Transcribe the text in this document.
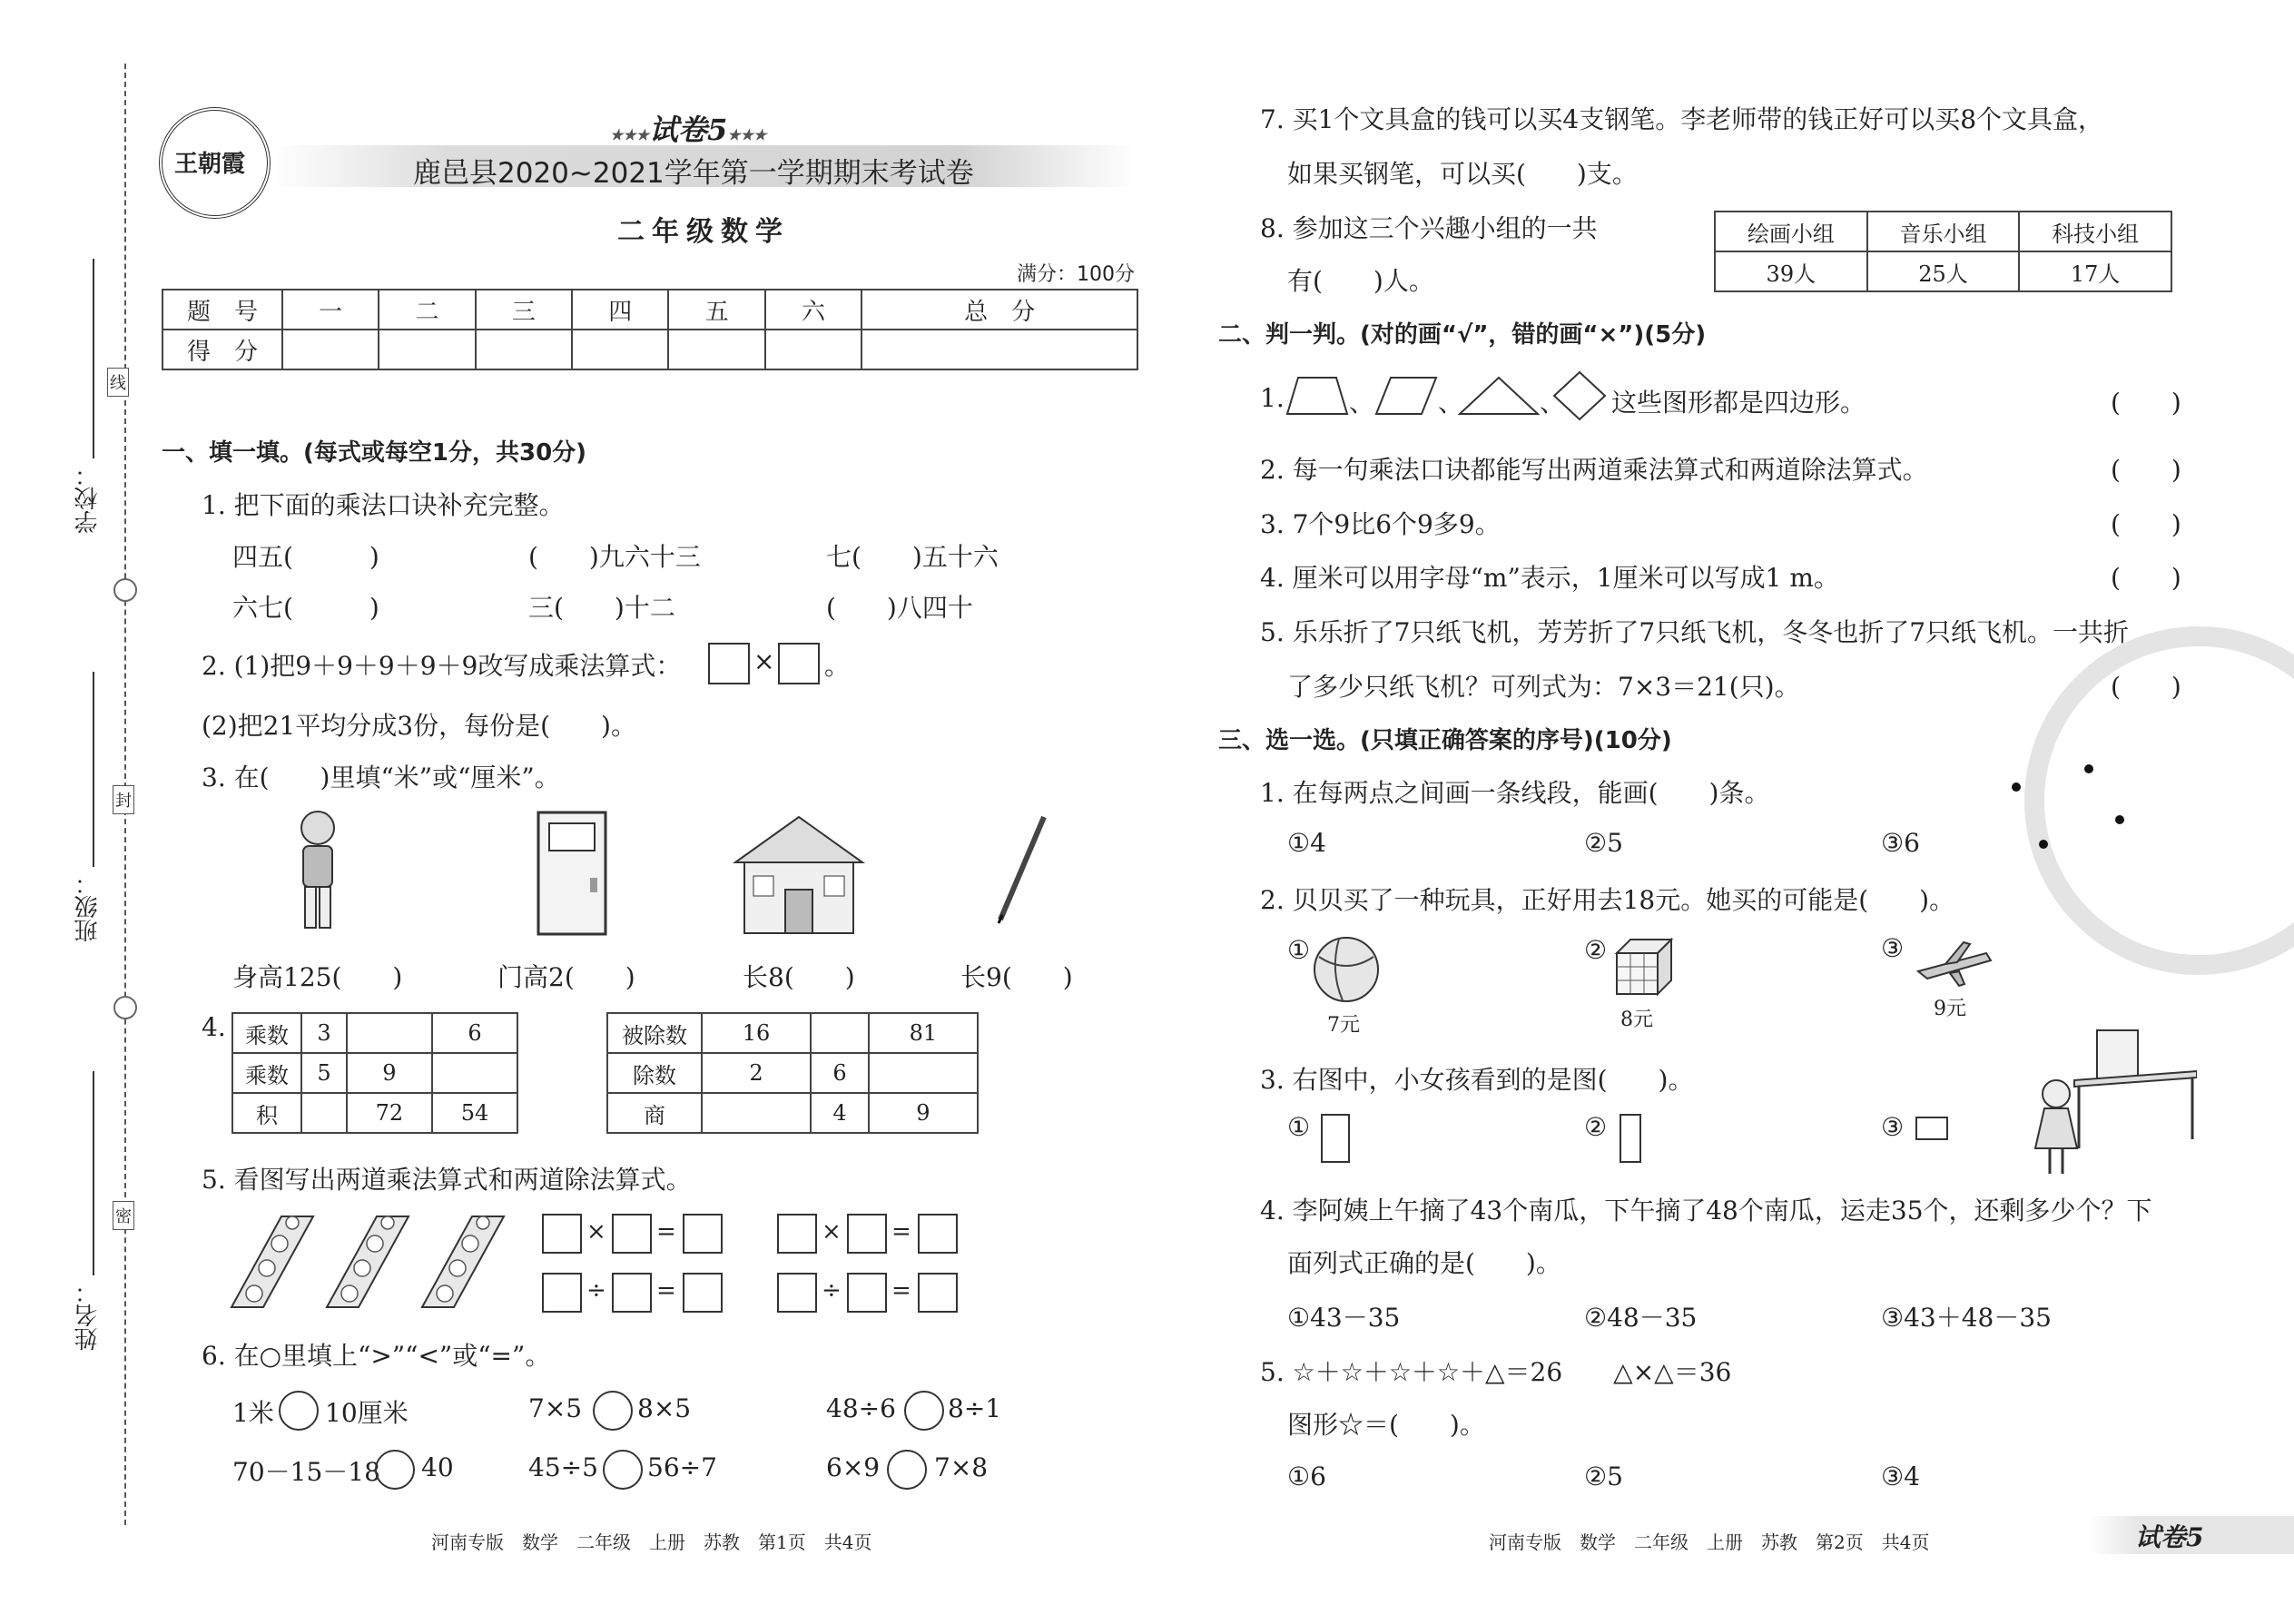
线
封
密
学校：
班级：
姓名：
王朝霞
★★★试卷5★★★
鹿邑县2020~2021学年第一学期期末考试卷
二年级数学
满分：100分
题　号	一	二	三	四	五	六	总　分
得　分							
一、填一填。(每式或每空1分，共30分)
1. 把下面的乘法口诀补充完整。
四五(　　　)	(　　)九六十三	七(　　)五十六
六七(　　　)	三(　　)十二	(　　)八四十
2. (1)把9＋9＋9＋9＋9改写成乘法算式：	× 。
(2)把21平均分成3份，每份是(　　)。
3. 在(　　)里填“米”或“厘米”。
身高125(　　)	门高2(　　)	长8(　　)	长9(　　)
4. 乘数	3		6
乘数	5	9	
积		72	54
被除数	16		81
除数	2	6	
商		4	9
5. 看图写出两道乘法算式和两道除法算式。
× =	× =
÷ =	÷ =
6. 在○里填上“>”“<”或“=”。
1米 10厘米	7×5 8×5	48÷6 8÷1
70－15－18 40	45÷5 56÷7	6×9 7×8
河南专版　数学　二年级　上册　苏教　第1页　共4页
7. 买1个文具盒的钱可以买4支钢笔。李老师带的钱正好可以买8个文具盒，
如果买钢笔，可以买(　　)支。
8. 参加这三个兴趣小组的一共
有(　　)人。
绘画小组	音乐小组	科技小组
39人	25人	17人
二、判一判。(对的画“√”，错的画“×”)(5分)
1.	、 、	、 这些图形都是四边形。	(　　)
2. 每一句乘法口诀都能写出两道乘法算式和两道除法算式。	(　　)
3. 7个9比6个9多9。	(　　)
4. 厘米可以用字母“m”表示，1厘米可以写成1 m。	(　　)
5. 乐乐折了7只纸飞机，芳芳折了7只纸飞机，冬冬也折了7只纸飞机。一共折
了多少只纸飞机？可列式为：7×3＝21(只)。	(　　)
三、选一选。(只填正确答案的序号)(10分)
1. 在每两点之间画一条线段，能画(　　)条。
①4	②5	③6
2. 贝贝买了一种玩具，正好用去18元。她买的可能是(　　)。
①
7元
②
8元
③
9元
3. 右图中，小女孩看到的是图(　　)。
①	②	③
4. 李阿姨上午摘了43个南瓜，下午摘了48个南瓜，运走35个，还剩多少个？下
面列式正确的是(　　)。
①43－35	②48－35	③43＋48－35
5. ☆＋☆＋☆＋☆＋△＝26　　△×△＝36
图形☆＝(　　)。
①6	②5	③4
河南专版　数学　二年级　上册　苏教　第2页　共4页	试卷5
